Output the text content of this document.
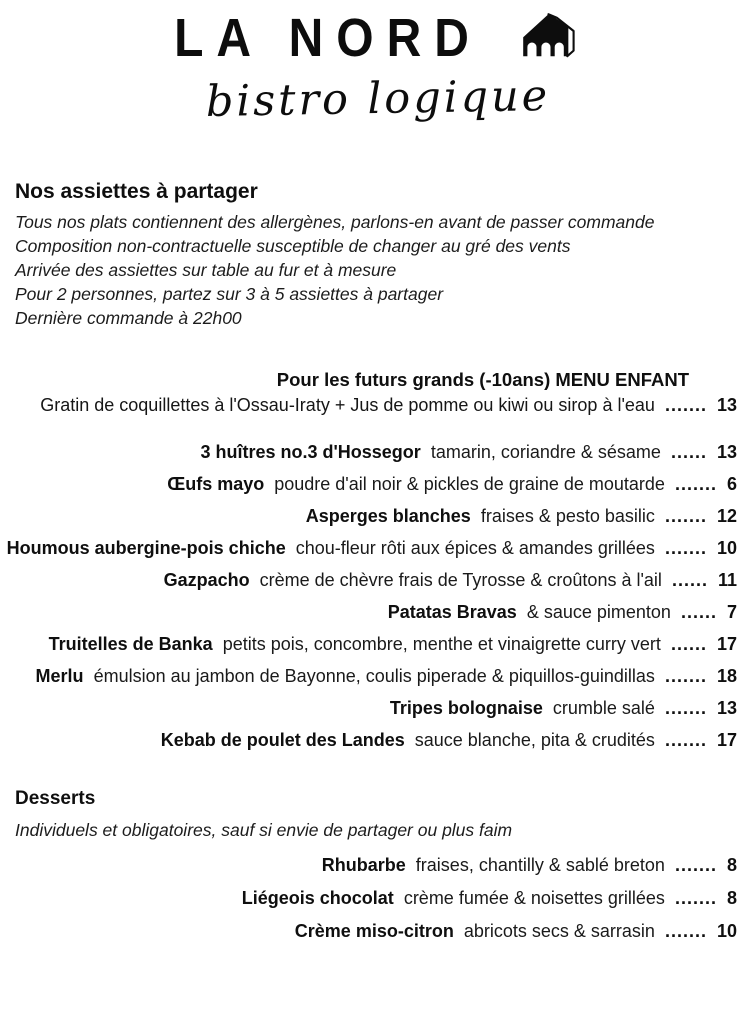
LA NORD
bistro logique
Nos assiettes à partager
Tous nos plats contiennent des allergènes, parlons-en avant de passer commande
Composition non-contractuelle susceptible de changer au gré des vents
Arrivée des assiettes sur table au fur et à mesure
Pour 2 personnes, partez sur 3 à 5 assiettes à partager
Dernière commande à 22h00
Pour les futurs grands (-10ans) MENU ENFANT
Gratin de coquillettes à l'Ossau-Iraty + Jus de pomme ou kiwi ou sirop à l'eau ....... 13
3 huîtres no.3 d'Hossegor tamarin, coriandre & sésame ...... 13
Œufs mayo poudre d'ail noir & pickles de graine de moutarde ....... 6
Asperges blanches fraises & pesto basilic ....... 12
Houmous aubergine-pois chiche chou-fleur rôti aux épices & amandes grillées ....... 10
Gazpacho crème de chèvre frais de Tyrosse & croûtons à l'ail ...... 11
Patatas Bravas & sauce pimenton ...... 7
Truitelles de Banka petits pois, concombre, menthe et vinaigrette curry vert ...... 17
Merlu émulsion au jambon de Bayonne, coulis piperade & piquillos-guindillas ....... 18
Tripes bolognaise crumble salé ....... 13
Kebab de poulet des Landes sauce blanche, pita & crudités ....... 17
Desserts
Individuels et obligatoires, sauf si envie de partager ou plus faim
Rhubarbe fraises, chantilly & sablé breton ....... 8
Liégeois chocolat crème fumée & noisettes grillées ....... 8
Crème miso-citron abricots secs & sarrasin ....... 10
